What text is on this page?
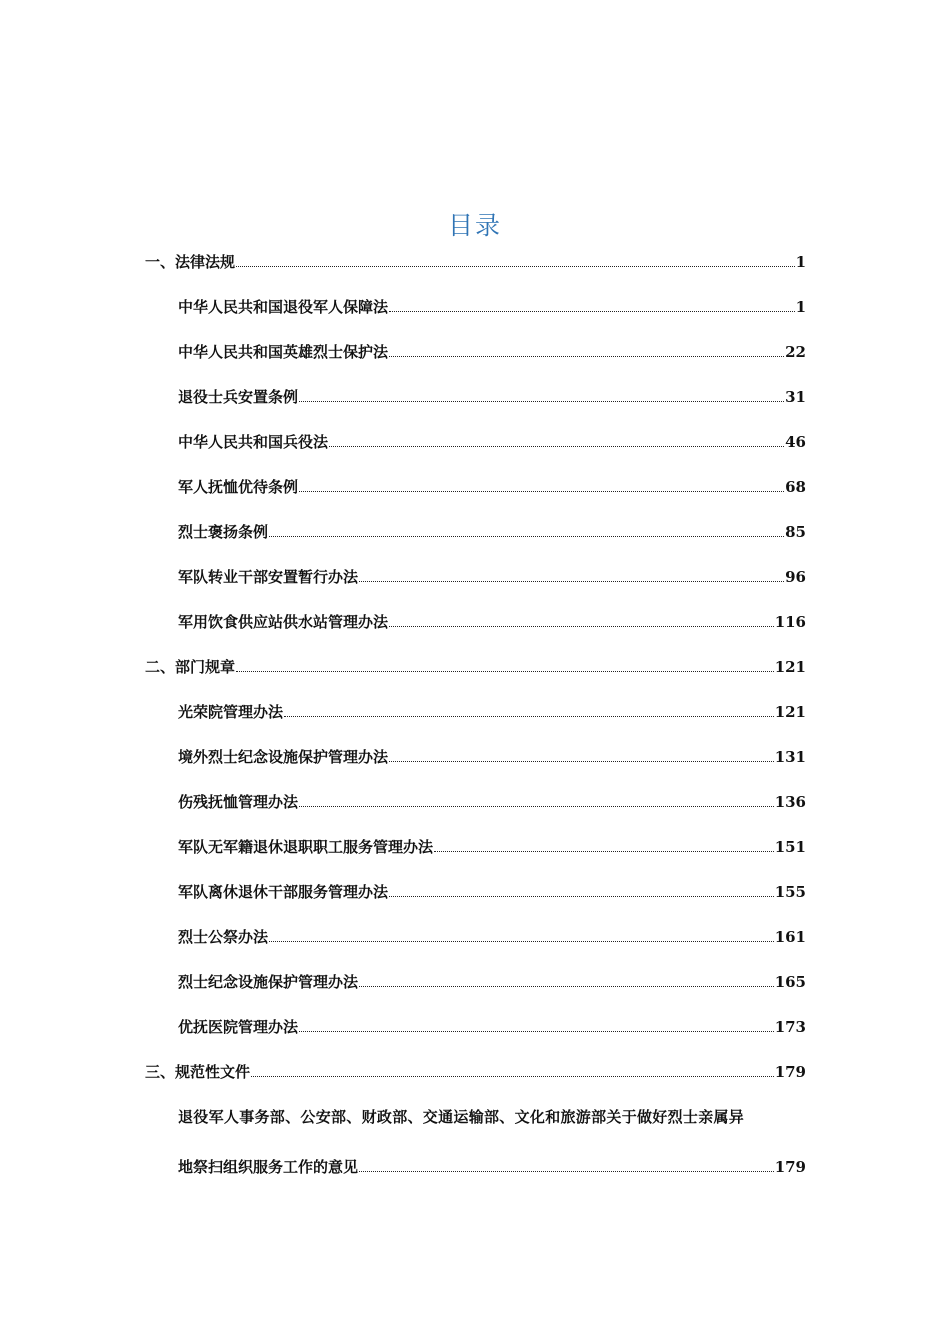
目录
一、法律法规	1
中华人民共和国退役军人保障法	1
中华人民共和国英雄烈士保护法	22
退役士兵安置条例	31
中华人民共和国兵役法	46
军人抚恤优待条例	68
烈士褒扬条例	85
军队转业干部安置暂行办法	96
军用饮食供应站供水站管理办法	116
二、部门规章	121
光荣院管理办法	121
境外烈士纪念设施保护管理办法	131
伤残抚恤管理办法	136
军队无军籍退休退职职工服务管理办法	151
军队离休退休干部服务管理办法	155
烈士公祭办法	161
烈士纪念设施保护管理办法	165
优抚医院管理办法	173
三、规范性文件	179
退役军人事务部、公安部、财政部、交通运输部、文化和旅游部关于做好烈士亲属异
地祭扫组织服务工作的意见	179
